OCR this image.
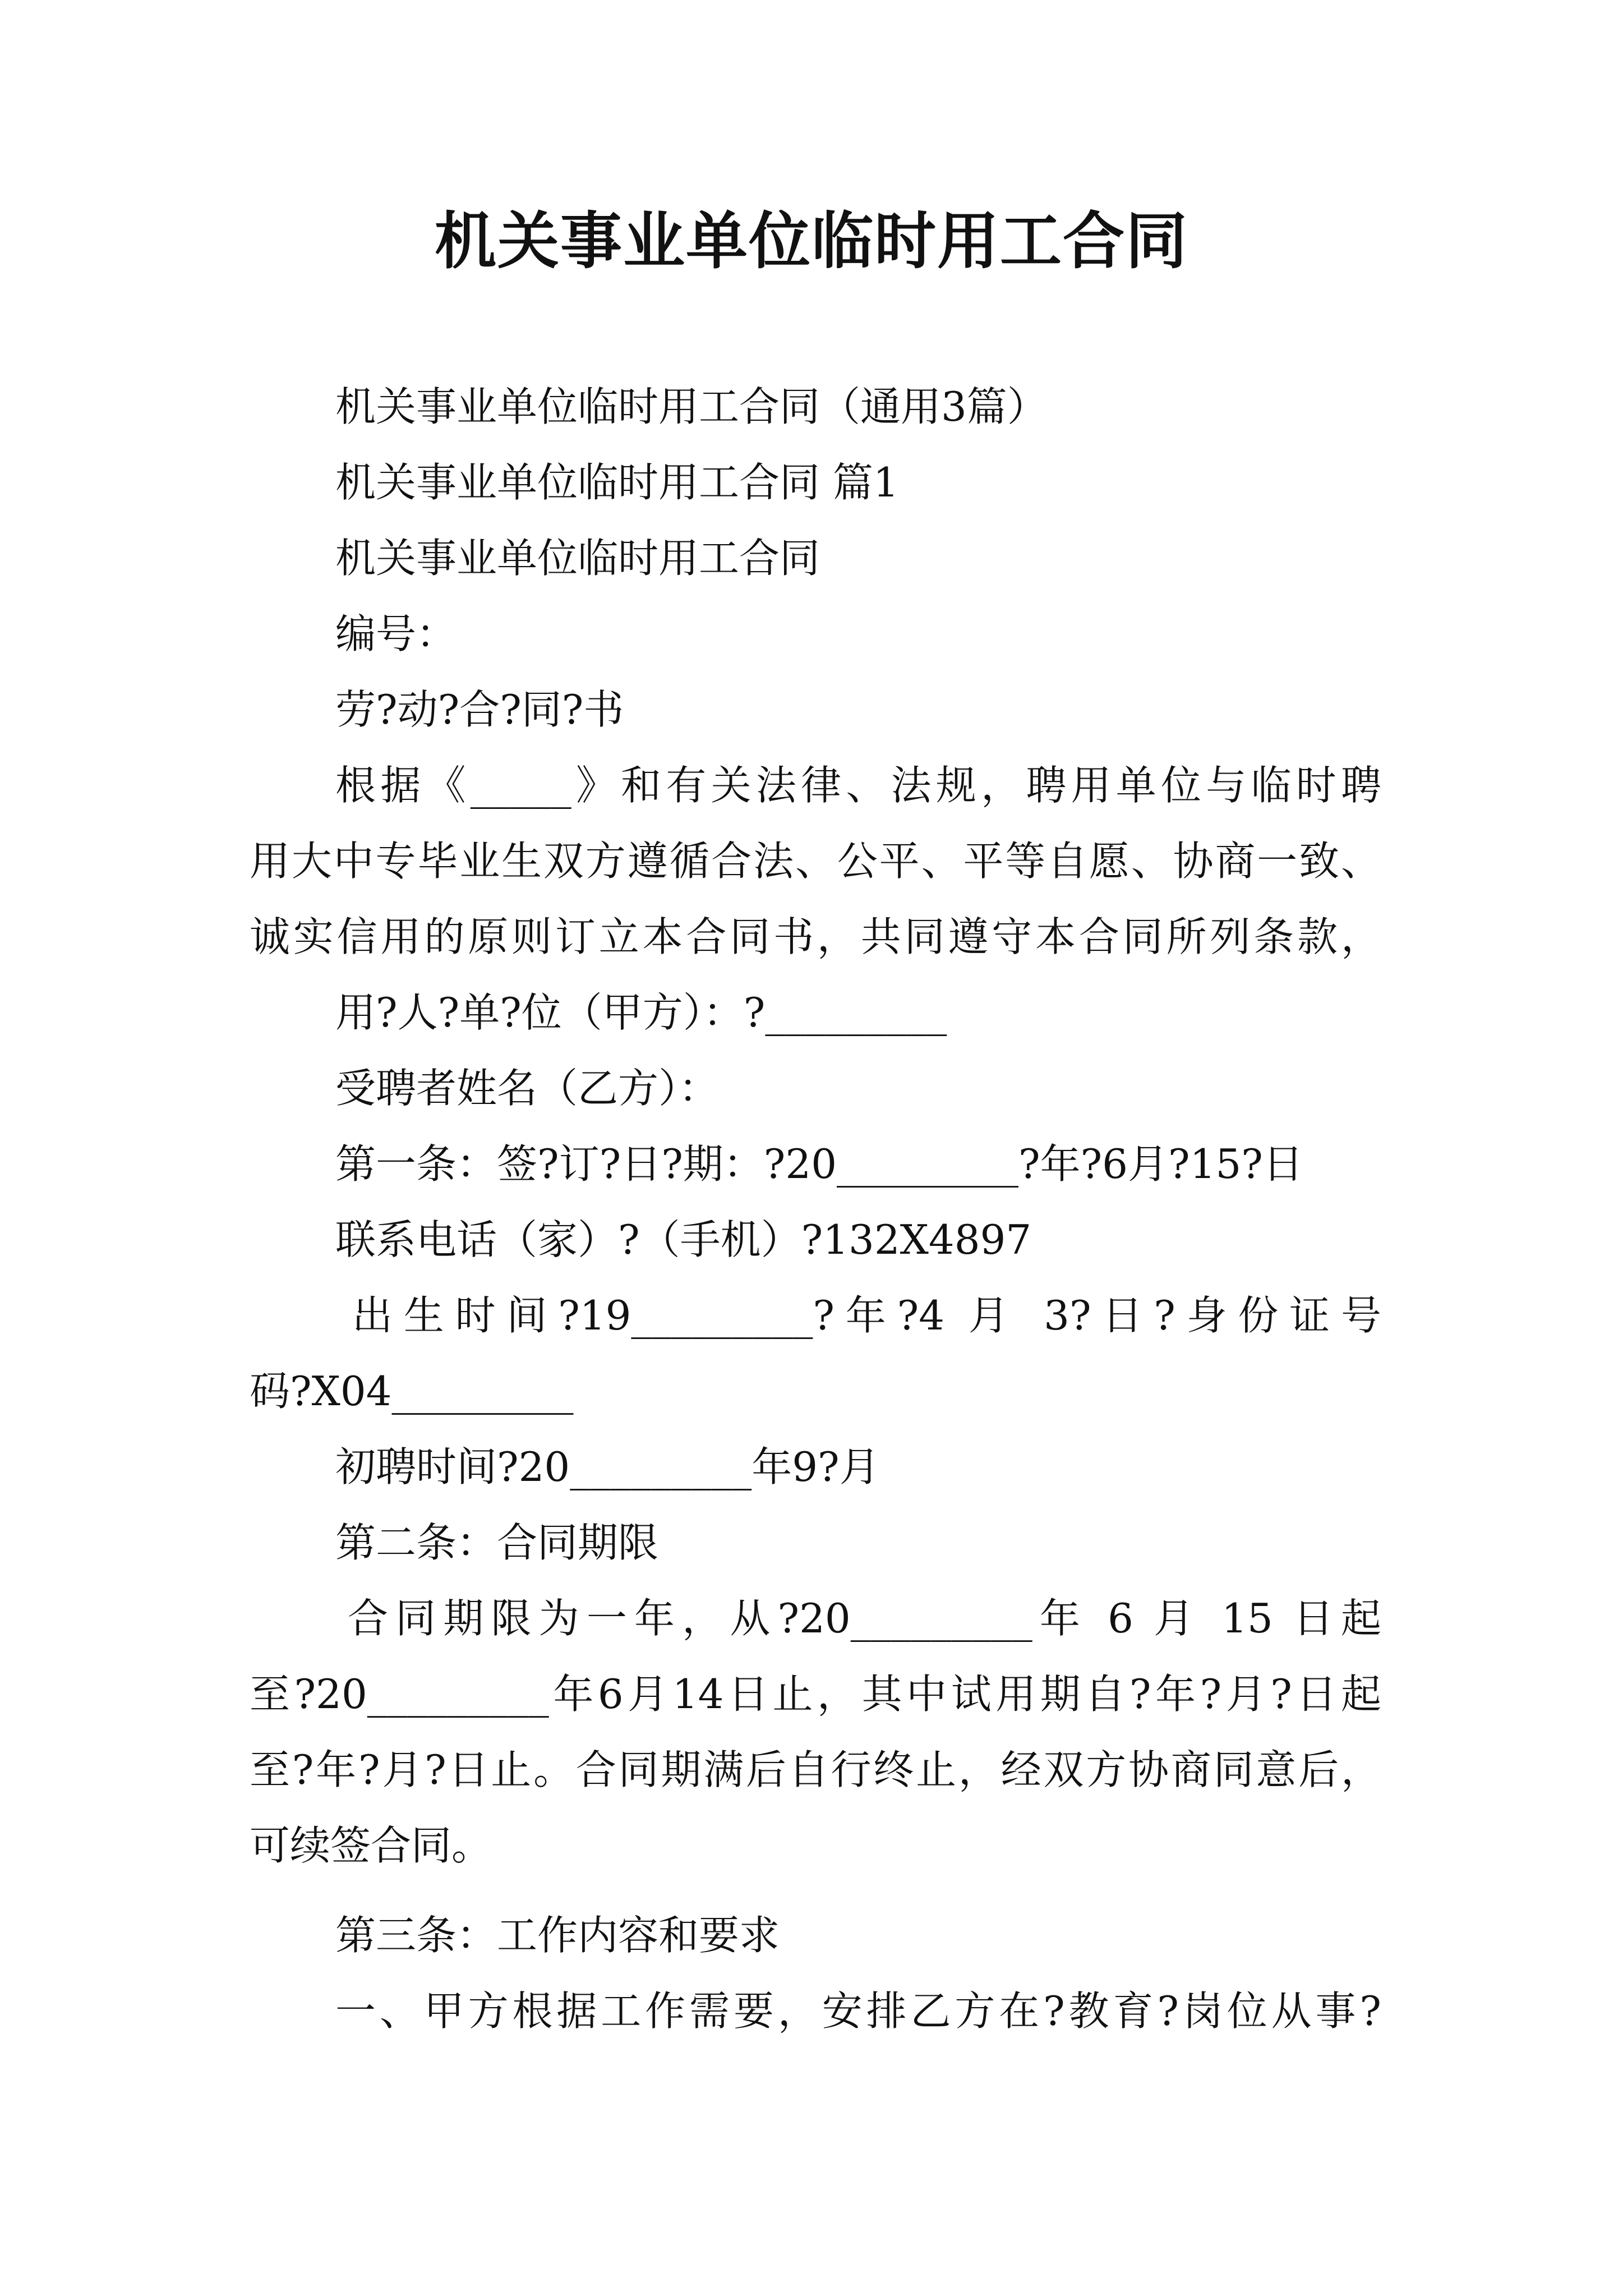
机关事业单位临时用工合同
机关事业单位临时用工合同（通用3篇）
机关事业单位临时用工合同 篇1
机关事业单位临时用工合同
编号：
劳?动?合?同?书
根据《_____》和有关法律、法规，聘用单位与临时聘
用大中专毕业生双方遵循合法、公平、平等自愿、协商一致、
诚实信用的原则订立本合同书，共同遵守本合同所列条款，
用?人?单?位（甲方）：?_________
受聘者姓名（乙方）：
第一条：签?订?日?期：?20_________?年?6月?15?日
联系电话（家）?（手机）?132X4897
出生时间?19_________?年?4 月 3?日?身份证号
码?X04_________
初聘时间?20_________年9?月
第二条：合同期限
合同期限为一年，从?20_________年 6 月 15 日起
至?20_________年6月14日止，其中试用期自?年?月?日起
至?年?月?日止。合同期满后自行终止，经双方协商同意后，
可续签合同。
第三条：工作内容和要求
一、甲方根据工作需要，安排乙方在?教育?岗位从事?
